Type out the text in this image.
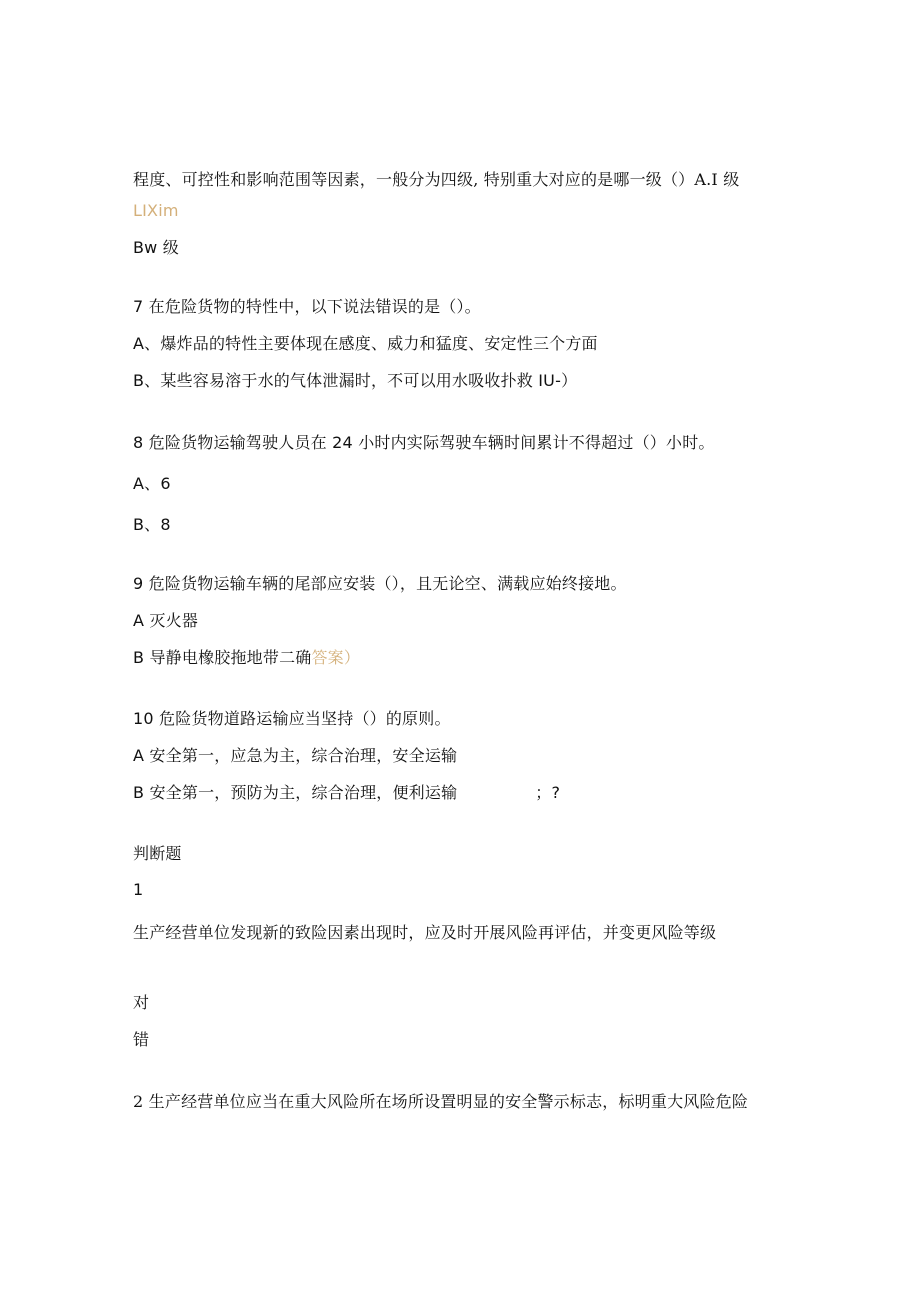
程度、可控性和影响范围等因素，一般分为四级, 特别重大对应的是哪一级（）A.I 级
LIXim
Bw 级
7 在危险货物的特性中，以下说法错误的是（）。
A、爆炸品的特性主要体现在感度、威力和猛度、安定性三个方面
B、某些容易溶于水的气体泄漏时，不可以用水吸收扑救 IU-）
8 危险货物运输驾驶人员在 24 小时内实际驾驶车辆时间累计不得超过（）小时。
A、6
B、8
9 危险货物运输车辆的尾部应安装（），且无论空、满载应始终接地。
A 灭火器
B 导静电橡胶拖地带二确答案）
10 危险货物道路运输应当坚持（）的原则。
A 安全第一，应急为主，综合治理，安全运输
B 安全第一，预防为主，综合治理，便利运输	；?
判断题
1
生产经营单位发现新的致险因素出现时，应及时开展风险再评估，并变更风险等级
对
错
2 生产经营单位应当在重大风险所在场所设置明显的安全警示标志，标明重大风险危险
